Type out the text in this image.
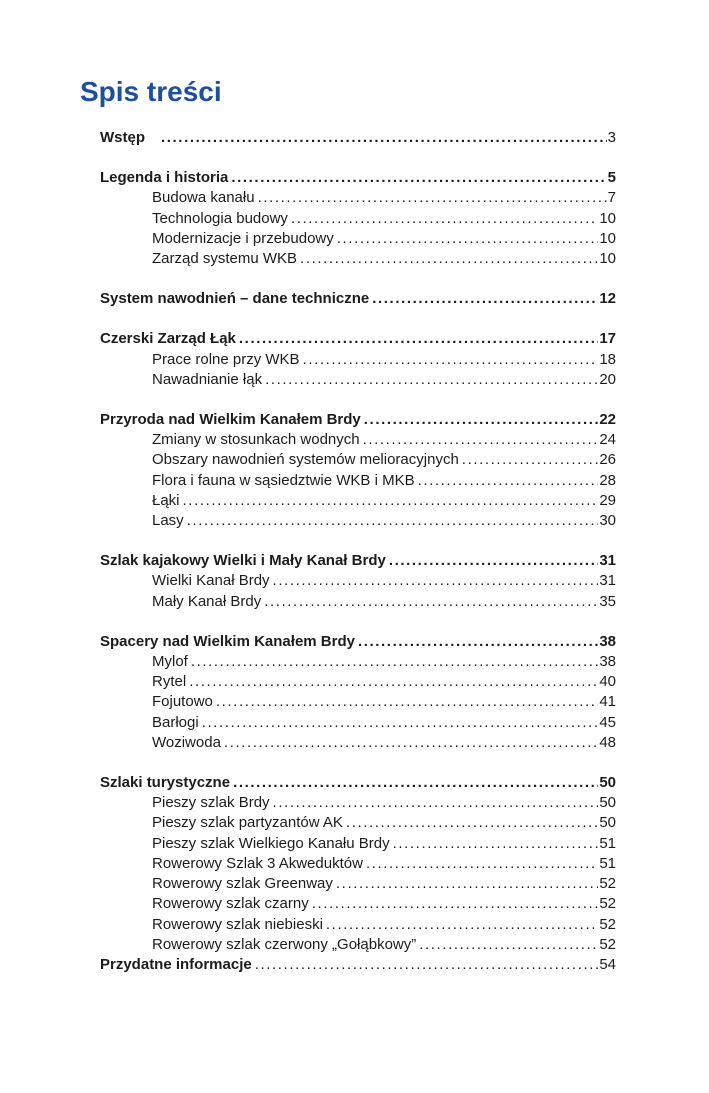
Spis treści
Wstęp .....	3
Legenda i historia .....	5
Budowa kanału .....	7
Technologia budowy .....	10
Modernizacje i przebudowy .....	10
Zarząd systemu WKB .....	10
System nawodnień – dane techniczne .....	12
Czerski Zarząd Łąk .....	17
Prace rolne przy WKB .....	18
Nawadnianie łąk .....	20
Przyroda nad Wielkim Kanałem Brdy .....	22
Zmiany w stosunkach wodnych .....	24
Obszary nawodnień systemów melioracyjnych .....	26
Flora i fauna w sąsiedztwie WKB i MKB .....	28
Łąki .....	29
Lasy .....	30
Szlak kajakowy Wielki i Mały Kanał Brdy .....	31
Wielki Kanał Brdy .....	31
Mały Kanał Brdy .....	35
Spacery nad Wielkim Kanałem Brdy .....	38
Mylof .....	38
Rytel .....	40
Fojutowo .....	41
Barłogi .....	45
Woziwoda .....	48
Szlaki turystyczne .....	50
Pieszy szlak Brdy .....	50
Pieszy szlak partyzantów AK .....	50
Pieszy szlak Wielkiego Kanału Brdy .....	51
Rowerowy Szlak 3 Akweduktów .....	51
Rowerowy szlak Greenway .....	52
Rowerowy szlak czarny .....	52
Rowerowy szlak niebieski .....	52
Rowerowy szlak czerwony „Gołąbkowy” .....	52
Przydatne informacje .....	54
